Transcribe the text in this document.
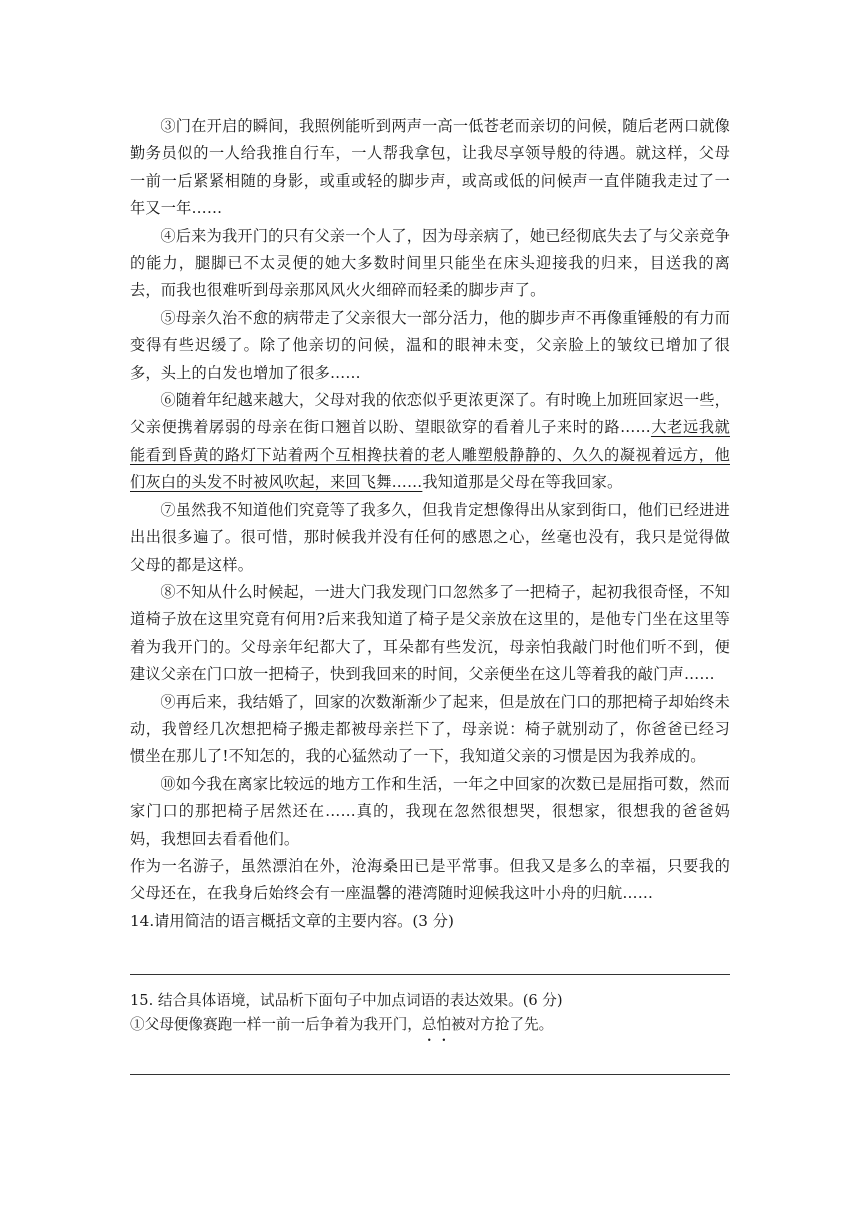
③门在开启的瞬间，我照例能听到两声一高一低苍老而亲切的问候，随后老两口就像勤务员似的一人给我推自行车，一人帮我拿包，让我尽享领导般的待遇。就这样，父母一前一后紧紧相随的身影，或重或轻的脚步声，或高或低的问候声一直伴随我走过了一年又一年……

④后来为我开门的只有父亲一个人了，因为母亲病了，她已经彻底失去了与父亲竞争的能力，腿脚已不太灵便的她大多数时间里只能坐在床头迎接我的归来，目送我的离去，而我也很难听到母亲那风风火火细碎而轻柔的脚步声了。

⑤母亲久治不愈的病带走了父亲很大一部分活力，他的脚步声不再像重锤般的有力而变得有些迟缓了。除了他亲切的问候，温和的眼神未变，父亲脸上的皱纹已增加了很多，头上的白发也增加了很多……

⑥随着年纪越来越大，父母对我的依恋似乎更浓更深了。有时晚上加班回家迟一些，父亲便携着孱弱的母亲在街口翘首以盼、望眼欲穿的看着儿子来时的路……大老远我就能看到昏黄的路灯下站着两个互相搀扶着的老人雕塑般静静的、久久的凝视着远方，他们灰白的头发不时被风吹起，来回飞舞……我知道那是父母在等我回家。

⑦虽然我不知道他们究竟等了我多久，但我肯定想像得出从家到街口，他们已经进进出出很多遍了。很可惜，那时候我并没有任何的感恩之心，丝毫也没有，我只是觉得做父母的都是这样。

⑧不知从什么时候起，一进大门我发现门口忽然多了一把椅子，起初我很奇怪，不知道椅子放在这里究竟有何用?后来我知道了椅子是父亲放在这里的，是他专门坐在这里等着为我开门的。父母亲年纪都大了，耳朵都有些发沉，母亲怕我敲门时他们听不到，便建议父亲在门口放一把椅子，快到我回来的时间，父亲便坐在这儿等着我的敲门声……

⑨再后来，我结婚了，回家的次数渐渐少了起来，但是放在门口的那把椅子却始终未动，我曾经几次想把椅子搬走都被母亲拦下了，母亲说：椅子就别动了，你爸爸已经习惯坐在那儿了!不知怎的，我的心猛然动了一下，我知道父亲的习惯是因为我养成的。

⑩如今我在离家比较远的地方工作和生活，一年之中回家的次数已是屈指可数，然而家门口的那把椅子居然还在……真的，我现在忽然很想哭，很想家，很想我的爸爸妈妈，我想回去看看他们。

作为一名游子，虽然漂泊在外，沧海桑田已是平常事。但我又是多么的幸福，只要我的父母还在，在我身后始终会有一座温馨的港湾随时迎候我这叶小舟的归航……

14.请用简洁的语言概括文章的主要内容。(3 分)

15. 结合具体语境，试品析下面句子中加点词语的表达效果。(6 分)

①父母便像赛跑一样一前一后争着为我开门，总怕被对方抢了先。
